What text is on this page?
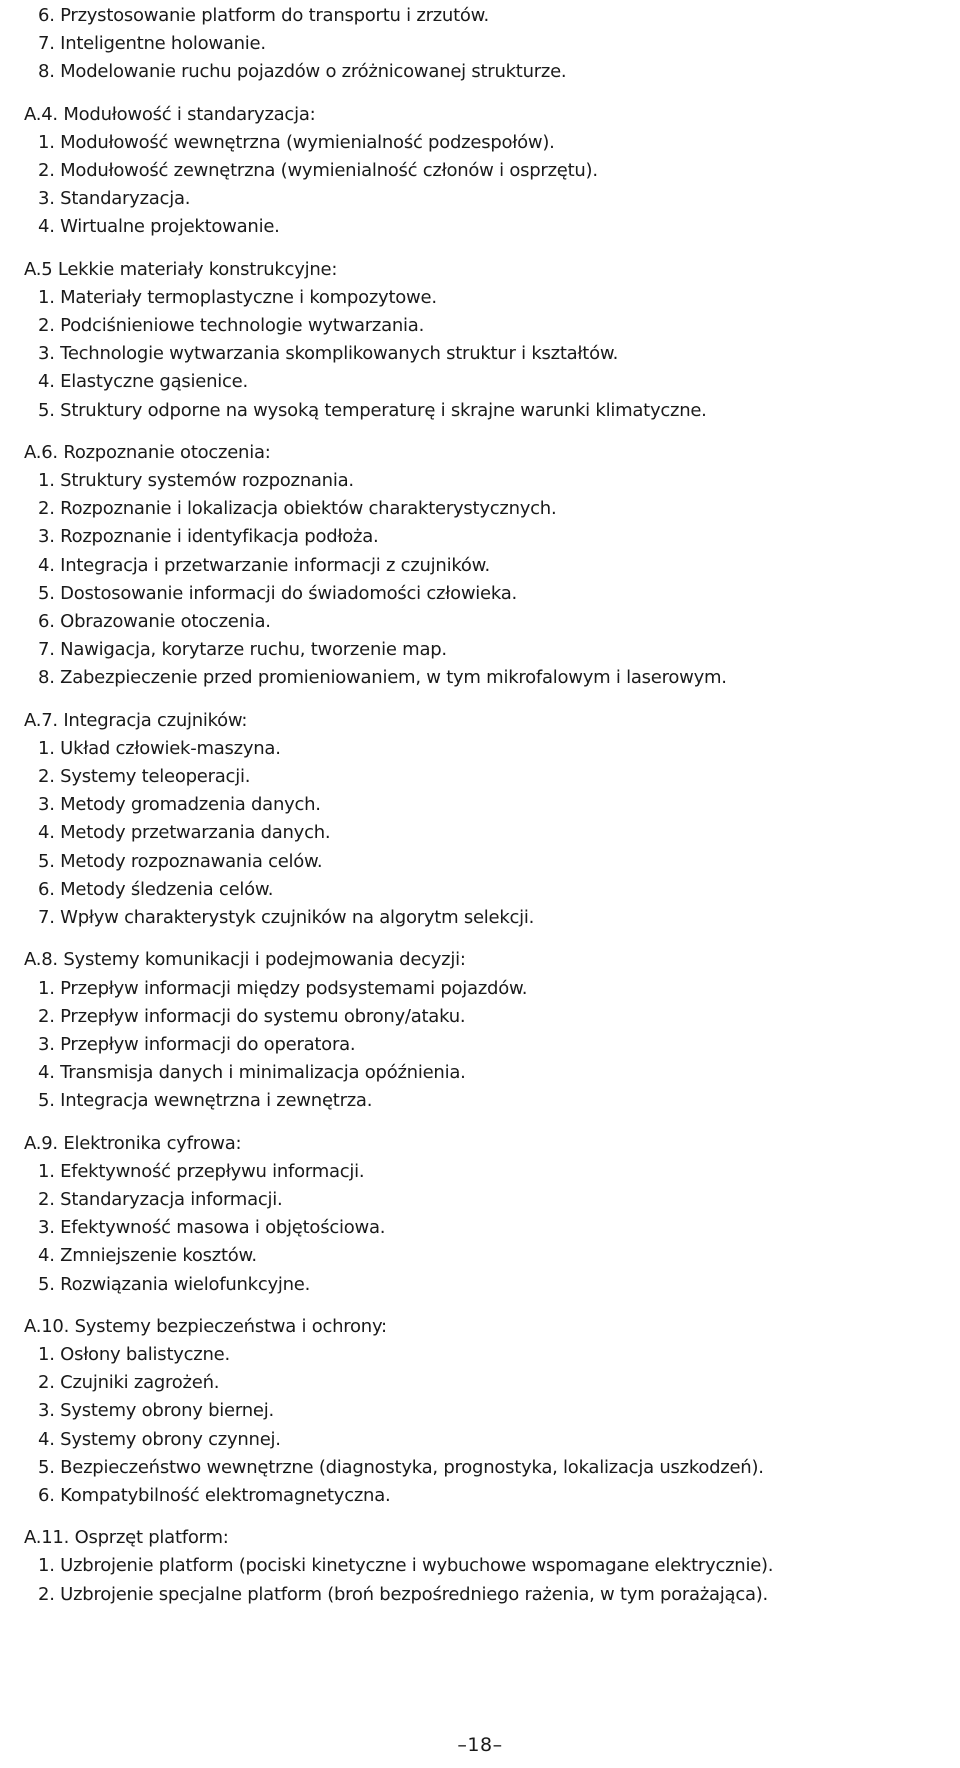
6. Przystosowanie platform do transportu i zrzutów.
7. Inteligentne holowanie.
8. Modelowanie ruchu pojazdów o zróżnicowanej strukturze.
A.4. Modułowość i standaryzacja:
1. Modułowość wewnętrzna (wymienialność podzespołów).
2. Modułowość zewnętrzna (wymienialność członów i osprzętu).
3. Standaryzacja.
4. Wirtualne projektowanie.
A.5 Lekkie materiały konstrukcyjne:
1. Materiały termoplastyczne i kompozytowe.
2. Podciśnieniowe technologie wytwarzania.
3. Technologie wytwarzania skomplikowanych struktur i kształtów.
4. Elastyczne gąsienice.
5. Struktury odporne na wysoką temperaturę i skrajne warunki klimatyczne.
A.6. Rozpoznanie otoczenia:
1. Struktury systemów rozpoznania.
2. Rozpoznanie i lokalizacja obiektów charakterystycznych.
3. Rozpoznanie i identyfikacja podłoża.
4. Integracja i przetwarzanie informacji z czujników.
5. Dostosowanie informacji do świadomości człowieka.
6. Obrazowanie otoczenia.
7. Nawigacja, korytarze ruchu, tworzenie map.
8. Zabezpieczenie przed promieniowaniem, w tym mikrofalowym i laserowym.
A.7. Integracja czujników:
1. Układ człowiek-maszyna.
2. Systemy teleoperacji.
3. Metody gromadzenia danych.
4. Metody przetwarzania danych.
5. Metody rozpoznawania celów.
6. Metody śledzenia celów.
7. Wpływ charakterystyk czujników na algorytm selekcji.
A.8. Systemy komunikacji i podejmowania decyzji:
1. Przepływ informacji między podsystemami pojazdów.
2. Przepływ informacji do systemu obrony/ataku.
3. Przepływ informacji do operatora.
4. Transmisja danych i minimalizacja opóźnienia.
5. Integracja wewnętrzna i zewnętrza.
A.9. Elektronika cyfrowa:
1. Efektywność przepływu informacji.
2. Standaryzacja informacji.
3. Efektywność masowa i objętościowa.
4. Zmniejszenie kosztów.
5. Rozwiązania wielofunkcyjne.
A.10. Systemy bezpieczeństwa i ochrony:
1. Osłony balistyczne.
2. Czujniki zagrożeń.
3. Systemy obrony biernej.
4. Systemy obrony czynnej.
5. Bezpieczeństwo wewnętrzne (diagnostyka, prognostyka, lokalizacja uszkodzeń).
6. Kompatybilność elektromagnetyczna.
A.11. Osprzęt platform:
1. Uzbrojenie platform (pociski kinetyczne i wybuchowe wspomagane elektrycznie).
2. Uzbrojenie specjalne platform (broń bezpośredniego rażenia, w tym porażająca).
–18–
